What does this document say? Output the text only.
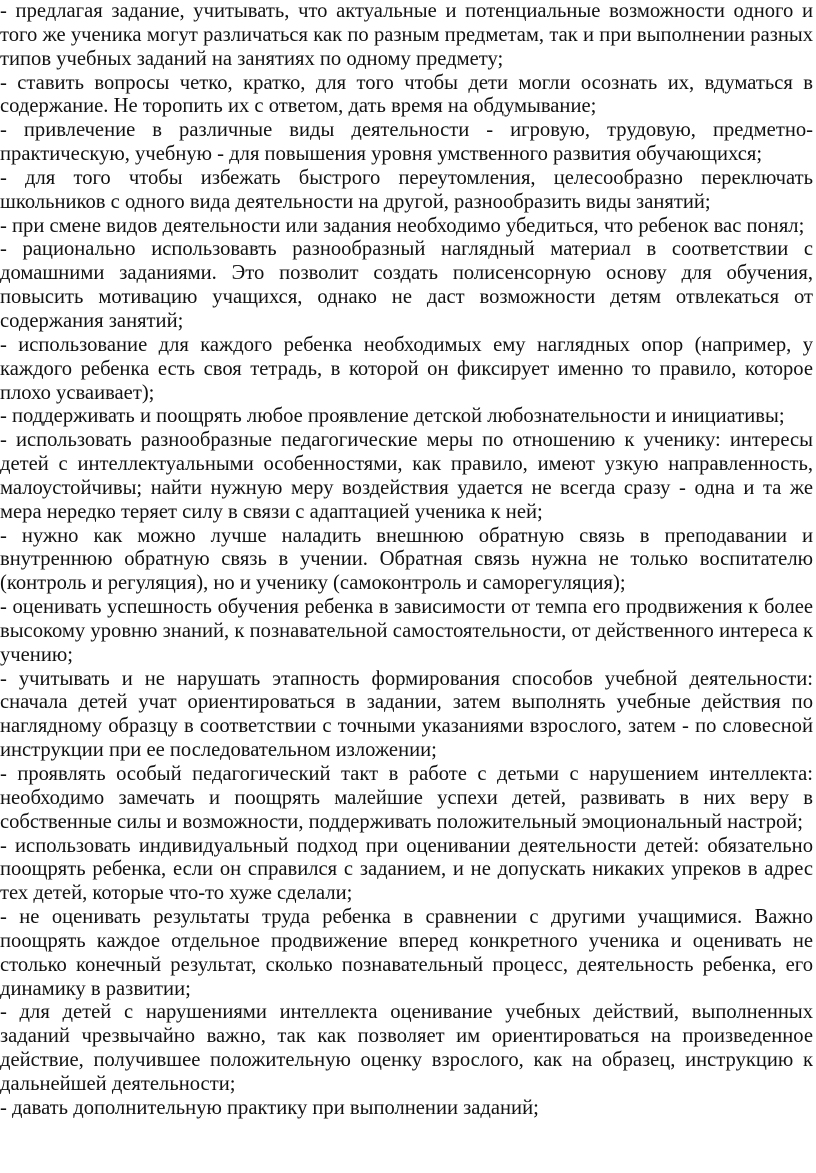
- предлагая задание, учитывать, что актуальные и потенциальные возможности одного и того же ученика могут различаться как по разным предметам, так и при выполнении разных типов учебных заданий на занятиях по одному предмету;

- ставить вопросы четко, кратко, для того чтобы дети могли осознать их, вдуматься в содержание. Не торопить их с ответом, дать время на обдумывание;

- привлечение в различные виды деятельности - игровую, трудовую, предметно-практическую, учебную - для повышения уровня умственного развития обучающихся;

- для того чтобы избежать быстрого переутомления, целесообразно переключать школьников с одного вида деятельности на другой, разнообразить виды занятий;

- при смене видов деятельности или задания необходимо убедиться, что ребенок вас понял;

- рационально использовавть разнообразный наглядный материал в соответствии с домашними заданиями. Это позволит создать полисенсорную основу для обучения, повысить мотивацию учащихся, однако не даст возможности детям отвлекаться от содержания занятий;

- использование для каждого ребенка необходимых ему наглядных опор (например, у каждого ребенка есть своя тетрадь, в которой он фиксирует именно то правило, которое плохо усваивает);

- поддерживать и поощрять любое проявление детской любознательности и инициативы;

- использовать разнообразные педагогические меры по отношению к ученику: интересы детей с интеллектуальными особенностями, как правило, имеют узкую направленность, малоустойчивы; найти нужную меру воздействия удается не всегда сразу - одна и та же мера нередко теряет силу в связи с адаптацией ученика к ней;

- нужно как можно лучше наладить внешнюю обратную связь в преподавании и внутреннюю обратную связь в учении. Обратная связь нужна не только воспитателю (контроль и регуляция), но и ученику (самоконтроль и саморегуляция);

- оценивать успешность обучения ребенка в зависимости от темпа его продвижения к более высокому уровню знаний, к познавательной самостоятельности, от действенного интереса к учению;

- учитывать и не нарушать этапность формирования способов учебной деятельности: сначала детей учат ориентироваться в задании, затем выполнять учебные действия по наглядному образцу в соответствии с точными указаниями взрослого, затем - по словесной инструкции при ее последовательном изложении;

- проявлять особый педагогический такт в работе с детьми с нарушением интеллекта: необходимо замечать и поощрять малейшие успехи детей, развивать в них веру в собственные силы и возможности, поддерживать положительный эмоциональный настрой;

- использовать индивидуальный подход при оценивании деятельности детей: обязательно поощрять ребенка, если он справился с заданием, и не допускать никаких упреков в адрес тех детей, которые что-то хуже сделали;

- не оценивать результаты труда ребенка в сравнении с другими учащимися. Важно поощрять каждое отдельное продвижение вперед конкретного ученика и оценивать не столько конечный результат, сколько познавательный процесс, деятельность ребенка, его динамику в развитии;

- для детей с нарушениями интеллекта оценивание учебных действий, выполненных заданий чрезвычайно важно, так как позволяет им ориентироваться на произведенное действие, получившее положительную оценку взрослого, как на образец, инструкцию к дальнейшей деятельности;

- давать дополнительную практику при выполнении заданий;
